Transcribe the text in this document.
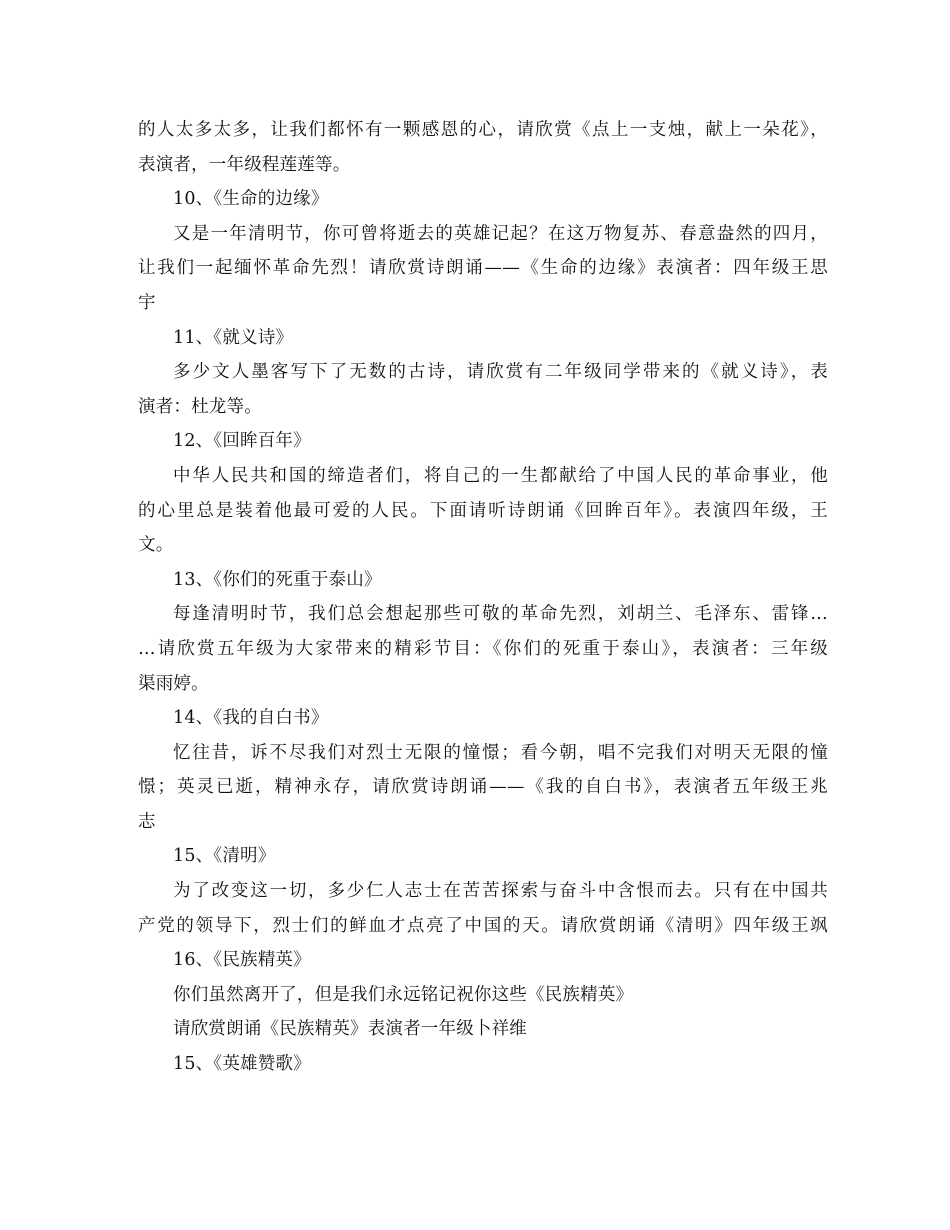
的人太多太多，让我们都怀有一颗感恩的心，请欣赏《点上一支烛，献上一朵花》，
表演者，一年级程莲莲等。
10、《生命的边缘》
又是一年清明节，你可曾将逝去的英雄记起？在这万物复苏、春意盎然的四月，
让我们一起缅怀革命先烈！请欣赏诗朗诵——《生命的边缘》表演者：四年级王思
宇
11、《就义诗》
多少文人墨客写下了无数的古诗，请欣赏有二年级同学带来的《就义诗》，表
演者：杜龙等。
12、《回眸百年》
中华人民共和国的缔造者们，将自己的一生都献给了中国人民的革命事业，他
的心里总是装着他最可爱的人民。下面请听诗朗诵《回眸百年》。表演四年级，王
文。
13、《你们的死重于泰山》
每逢清明时节，我们总会想起那些可敬的革命先烈，刘胡兰、毛泽东、雷锋…
…请欣赏五年级为大家带来的精彩节目：《你们的死重于泰山》，表演者：三年级
渠雨婷。
14、《我的自白书》
忆往昔，诉不尽我们对烈士无限的憧憬；看今朝，唱不完我们对明天无限的憧
憬；英灵已逝，精神永存，请欣赏诗朗诵——《我的自白书》，表演者五年级王兆
志
15、《清明》
为了改变这一切，多少仁人志士在苦苦探索与奋斗中含恨而去。只有在中国共
产党的领导下，烈士们的鲜血才点亮了中国的天。请欣赏朗诵《清明》四年级王飒
16、《民族精英》
你们虽然离开了，但是我们永远铭记祝你这些《民族精英》
请欣赏朗诵《民族精英》表演者一年级卜祥维
15、《英雄赞歌》
